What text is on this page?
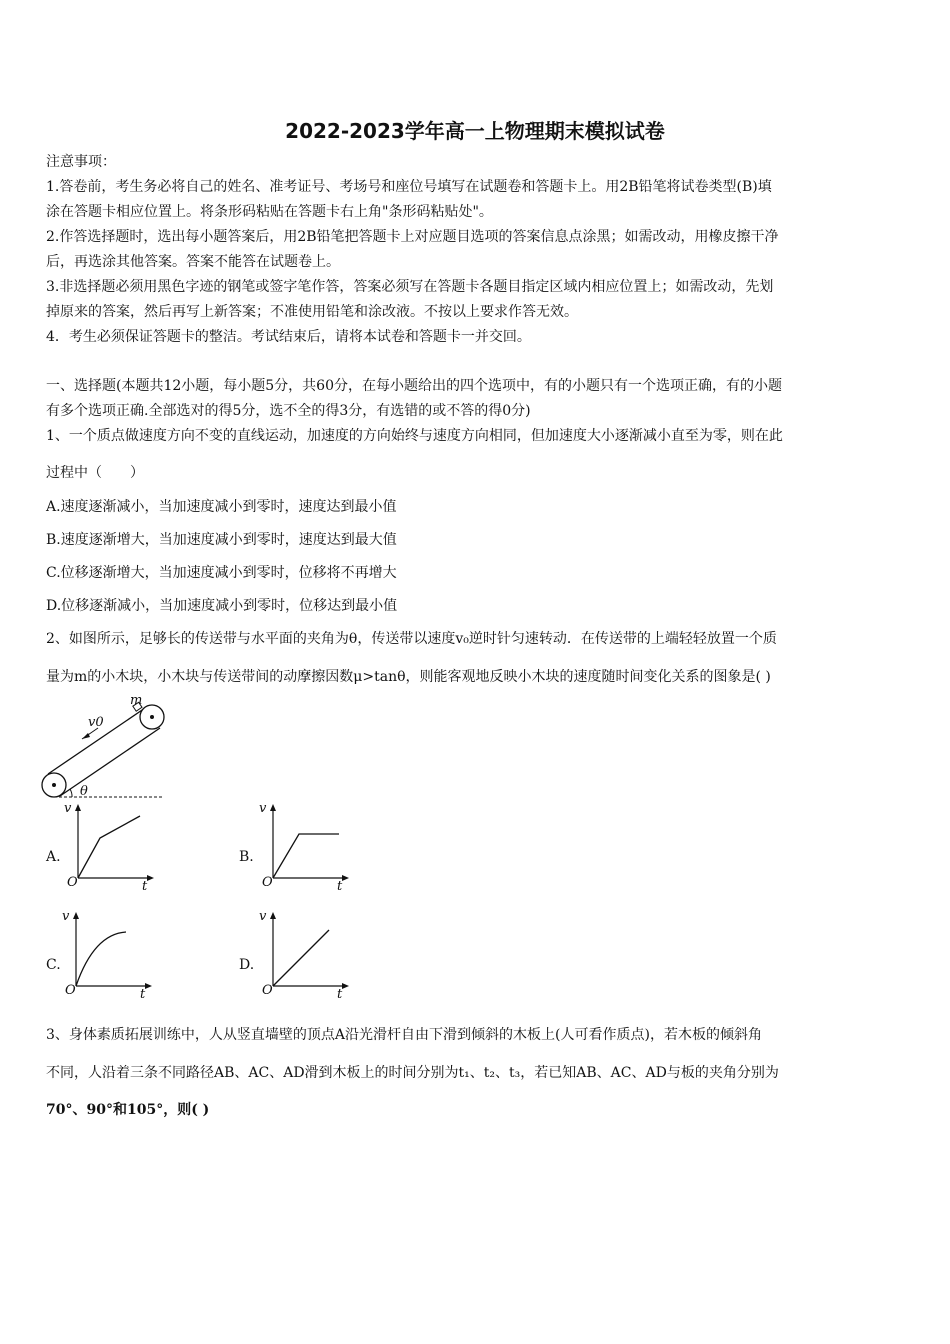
2022-2023学年高一上物理期末模拟试卷
注意事项：
1.答卷前，考生务必将自己的姓名、准考证号、考场号和座位号填写在试题卷和答题卡上。用2B铅笔将试卷类型(B)填
涂在答题卡相应位置上。将条形码粘贴在答题卡右上角"条形码粘贴处"。
2.作答选择题时，选出每小题答案后，用2B铅笔把答题卡上对应题目选项的答案信息点涂黑；如需改动，用橡皮擦干净
后，再选涂其他答案。答案不能答在试题卷上。
3.非选择题必须用黑色字迹的钢笔或签字笔作答，答案必须写在答题卡各题目指定区域内相应位置上；如需改动，先划
掉原来的答案，然后再写上新答案；不准使用铅笔和涂改液。不按以上要求作答无效。
4．考生必须保证答题卡的整洁。考试结束后，请将本试卷和答题卡一并交回。
一、选择题(本题共12小题，每小题5分，共60分，在每小题给出的四个选项中，有的小题只有一个选项正确，有的小题
有多个选项正确.全部选对的得5分，选不全的得3分，有选错的或不答的得0分)
1、一个质点做速度方向不变的直线运动，加速度的方向始终与速度方向相同，但加速度大小逐渐减小直至为零，则在此
过程中（　　）
A.速度逐渐减小，当加速度减小到零时，速度达到最小值
B.速度逐渐增大，当加速度减小到零时，速度达到最大值
C.位移逐渐增大，当加速度减小到零时，位移将不再增大
D.位移逐渐减小，当加速度减小到零时，位移达到最小值
2、如图所示，足够长的传送带与水平面的夹角为θ，传送带以速度v₀逆时针匀速转动．在传送带的上端轻轻放置一个质
量为m的小木块，小木块与传送带间的动摩擦因数μ>tanθ，则能客观地反映小木块的速度随时间变化关系的图象是( )
m
v0
θ
A.
v
t
O
B.
v
t
O
C.
v
t
O
D.
v
t
O
3、身体素质拓展训练中，人从竖直墙壁的顶点A沿光滑杆自由下滑到倾斜的木板上(人可看作质点)，若木板的倾斜角
不同，人沿着三条不同路径AB、AC、AD滑到木板上的时间分别为t₁、t₂、t₃，若已知AB、AC、AD与板的夹角分别为
70°、90°和105°，则( )
